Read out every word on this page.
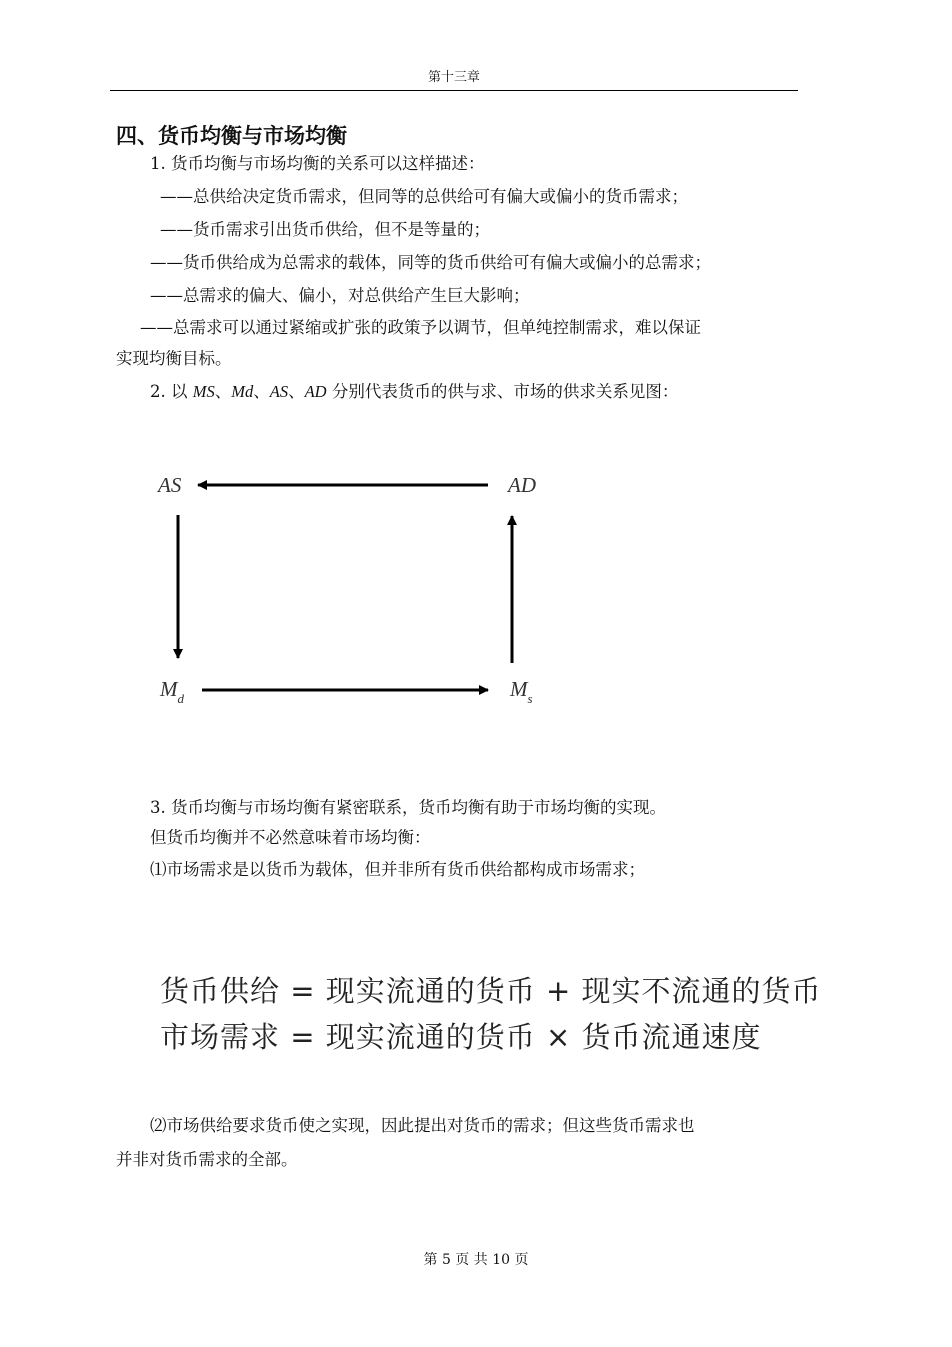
第十三章
四、货币均衡与市场均衡

1. 货币均衡与市场均衡的关系可以这样描述：

——总供给决定货币需求，但同等的总供给可有偏大或偏小的货币需求；

——货币需求引出货币供给，但不是等量的；

——货币供给成为总需求的载体，同等的货币供给可有偏大或偏小的总需求；

——总需求的偏大、偏小，对总供给产生巨大影响；

——总需求可以通过紧缩或扩张的政策予以调节，但单纯控制需求，难以保证

实现均衡目标。

2. 以 MS、Md、AS、AD 分别代表货币的供与求、市场的供求关系见图：

AS	AD
$M_d$	$M_s$

3. 货币均衡与市场均衡有紧密联系，货币均衡有助于市场均衡的实现。

但货币均衡并不必然意味着市场均衡：

⑴市场需求是以货币为载体，但并非所有货币供给都构成市场需求；

货币供给 = 现实流通的货币 + 现实不流通的货币
市场需求 = 现实流通的货币 × 货币流通速度

⑵市场供给要求货币使之实现，因此提出对货币的需求；但这些货币需求也

并非对货币需求的全部。

第 5 页 共 10 页
